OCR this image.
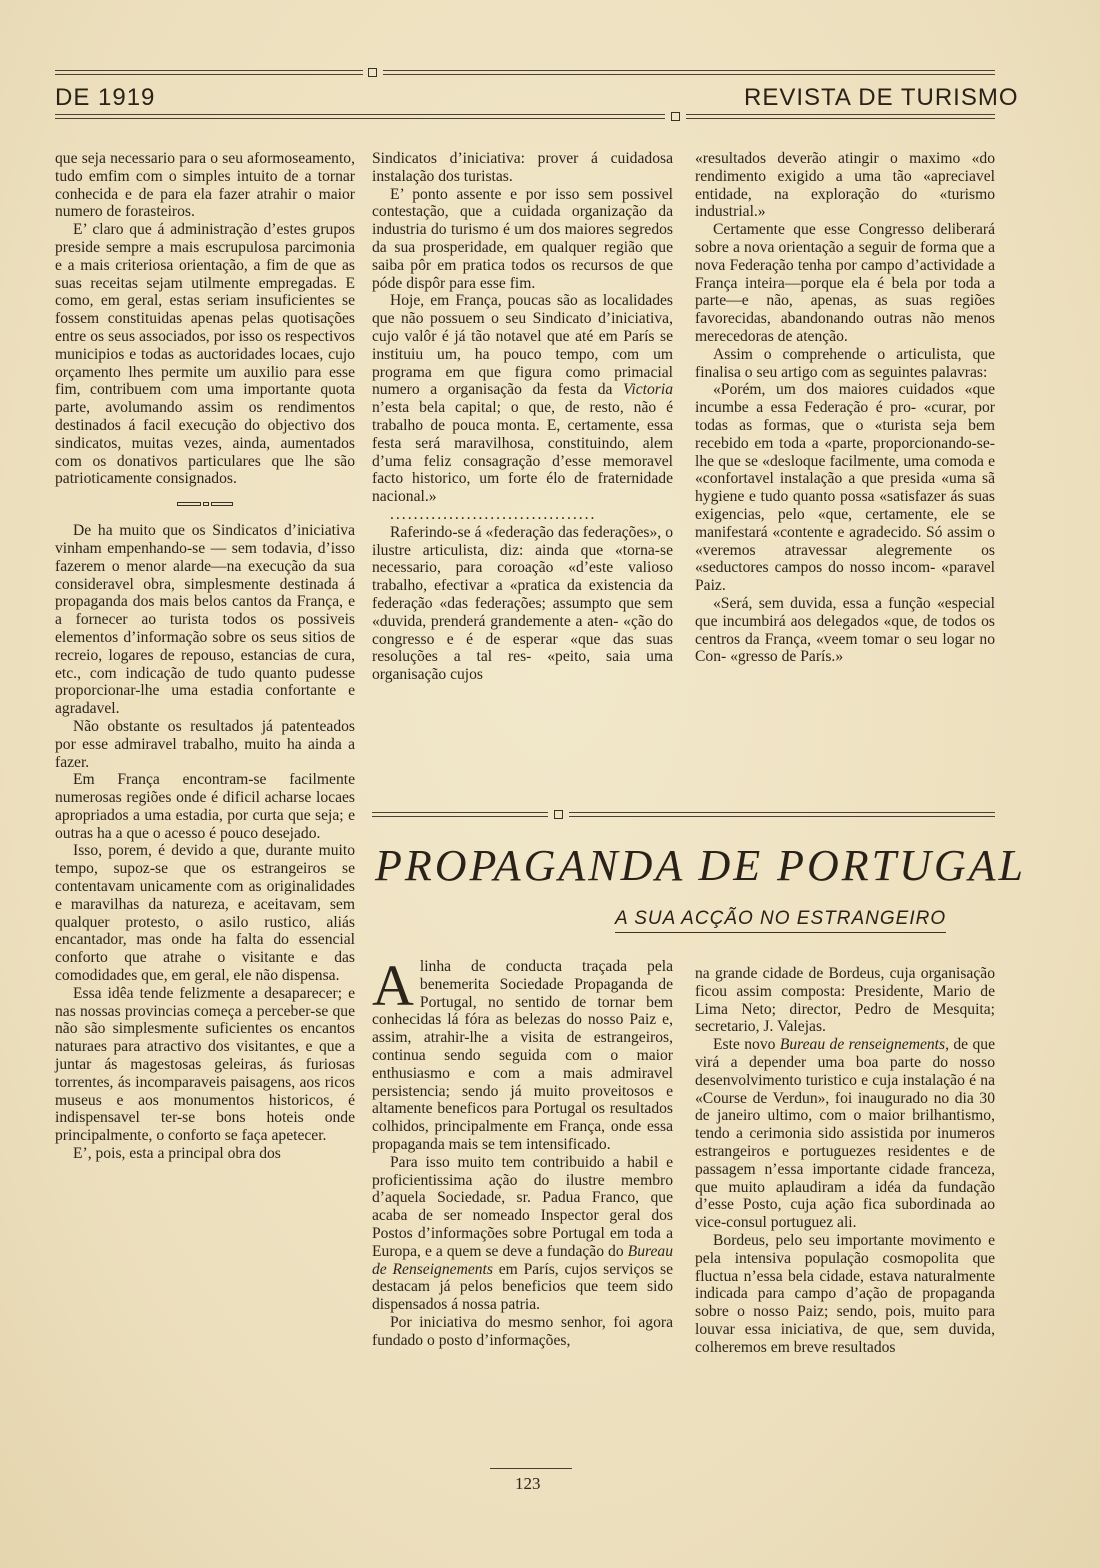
DE 1919	REVISTA DE TURISMO

que seja necessario para o seu aformoseamento, tudo emfim com o simples intuito de a tornar conhecida e de para ela fazer atrahir o maior numero de forasteiros.

E’ claro que á administração d’estes grupos preside sempre a mais escrupulosa parcimonia e a mais criteriosa orientação, a fim de que as suas receitas sejam utilmente empregadas. E como, em geral, estas seriam insuficientes se fossem constituidas apenas pelas quotisações entre os seus associados, por isso os respectivos municipios e todas as auctoridades locaes, cujo orçamento lhes permite um auxilio para esse fim, contribuem com uma importante quota parte, avolumando assim os rendimentos destinados á facil execução do objectivo dos sindicatos, muitas vezes, ainda, aumentados com os donativos particulares que lhe são patrioticamente consignados.

De ha muito que os Sindicatos d’iniciativa vinham empenhando-se — sem todavia, d’isso fazerem o menor alarde—na execução da sua consideravel obra, simplesmente destinada á propaganda dos mais belos cantos da França, e a fornecer ao turista todos os possiveis elementos d’informação sobre os seus sitios de recreio, logares de repouso, estancias de cura, etc., com indicação de tudo quanto pudesse proporcionar-lhe uma estadia confortante e agradavel.

Não obstante os resultados já patenteados por esse admiravel trabalho, muito ha ainda a fazer.

Em França encontram-se facilmente numerosas regiões onde é dificil acharse locaes apropriados a uma estadia, por curta que seja; e outras ha a que o acesso é pouco desejado.

Isso, porem, é devido a que, durante muito tempo, supoz-se que os estrangeiros se contentavam unicamente com as originalidades e maravilhas da natureza, e aceitavam, sem qualquer protesto, o asilo rustico, aliás encantador, mas onde ha falta do essencial conforto que atrahe o visitante e das comodidades que, em geral, ele não dispensa.

Essa idêa tende felizmente a desaparecer; e nas nossas provincias começa a perceber-se que não são simplesmente suficientes os encantos naturaes para atractivo dos visitantes, e que a juntar ás magestosas geleiras, ás furiosas torrentes, ás incomparaveis paisagens, aos ricos museus e aos monumentos historicos, é indispensavel ter-se bons hoteis onde principalmente, o conforto se faça apetecer.

E’, pois, esta a principal obra dos

Sindicatos d’iniciativa: prover á cuidadosa instalação dos turistas.

E’ ponto assente e por isso sem possivel contestação, que a cuidada organização da industria do turismo é um dos maiores segredos da sua prosperidade, em qualquer região que saiba pôr em pratica todos os recursos de que póde dispôr para esse fim.

Hoje, em França, poucas são as localidades que não possuem o seu Sindicato d’iniciativa, cujo valôr é já tão notavel que até em París se instituiu um, ha pouco tempo, com um programa em que figura como primacial numero a organisação da festa da Victoria n’esta bela capital; o que, de resto, não é trabalho de pouca monta. E, certamente, essa festa será maravilhosa, constituindo, alem d’uma feliz consagração d’esse memoravel facto historico, um forte élo de fraternidade nacional.»

...................................

Raferindo-se á «federação das federações», o ilustre articulista, diz: ainda que «torna-se necessario, para coroação «d’este valioso trabalho, efectivar a «pratica da existencia da federação «das federações; assumpto que sem «duvida, prenderá grandemente a aten- «ção do congresso e é de esperar «que das suas resoluções a tal res- «peito, saia uma organisação cujos

«resultados deverão atingir o maximo «do rendimento exigido a uma tão «apreciavel entidade, na exploração do «turismo industrial.»

Certamente que esse Congresso deliberará sobre a nova orientação a seguir de forma que a nova Federação tenha por campo d’actividade a França inteira—porque ela é bela por toda a parte—e não, apenas, as suas regiões favorecidas, abandonando outras não menos merecedoras de atenção.

Assim o comprehende o articulista, que finalisa o seu artigo com as seguintes palavras:

«Porém, um dos maiores cuidados «que incumbe a essa Federação é pro- «curar, por todas as formas, que o «turista seja bem recebido em toda a «parte, proporcionando-se-lhe que se «desloque facilmente, uma comoda e «confortavel instalação a que presida «uma sã hygiene e tudo quanto possa «satisfazer ás suas exigencias, pelo «que, certamente, ele se manifestará «contente e agradecido. Só assim o «veremos atravessar alegremente os «seductores campos do nosso incom- «paravel Paiz.

«Será, sem duvida, essa a função «especial que incumbirá aos delegados «que, de todos os centros da França, «veem tomar o seu logar no Con- «gresso de París.»

PROPAGANDA DE PORTUGAL
A SUA ACÇÃO NO ESTRANGEIRO

Alinha de conducta traçada pela benemerita Sociedade Propaganda de Portugal, no sentido de tornar bem conhecidas lá fóra as belezas do nosso Paiz e, assim, atrahir-lhe a visita de estrangeiros, continua sendo seguida com o maior enthusiasmo e com a mais admiravel persistencia; sendo já muito proveitosos e altamente beneficos para Portugal os resultados colhidos, principalmente em França, onde essa propaganda mais se tem intensificado.

Para isso muito tem contribuido a habil e proficientissima ação do ilustre membro d’aquela Sociedade, sr. Padua Franco, que acaba de ser nomeado Inspector geral dos Postos d’informações sobre Portugal em toda a Europa, e a quem se deve a fundação do Bureau de Renseignements em París, cujos serviços se destacam já pelos beneficios que teem sido dispensados á nossa patria.

Por iniciativa do mesmo senhor, foi agora fundado o posto d’informações,

na grande cidade de Bordeus, cuja organisação ficou assim composta: Presidente, Mario de Lima Neto; director, Pedro de Mesquita; secretario, J. Valejas.

Este novo Bureau de renseignements, de que virá a depender uma boa parte do nosso desenvolvimento turistico e cuja instalação é na «Course de Verdun», foi inaugurado no dia 30 de janeiro ultimo, com o maior brilhantismo, tendo a cerimonia sido assistida por inumeros estrangeiros e portuguezes residentes e de passagem n’essa importante cidade franceza, que muito aplaudiram a idéa da fundação d’esse Posto, cuja ação fica subordinada ao vice-consul portuguez ali.

Bordeus, pelo seu importante movimento e pela intensiva população cosmopolita que fluctua n’essa bela cidade, estava naturalmente indicada para campo d’ação de propaganda sobre o nosso Paiz; sendo, pois, muito para louvar essa iniciativa, de que, sem duvida, colheremos em breve resultados

123
